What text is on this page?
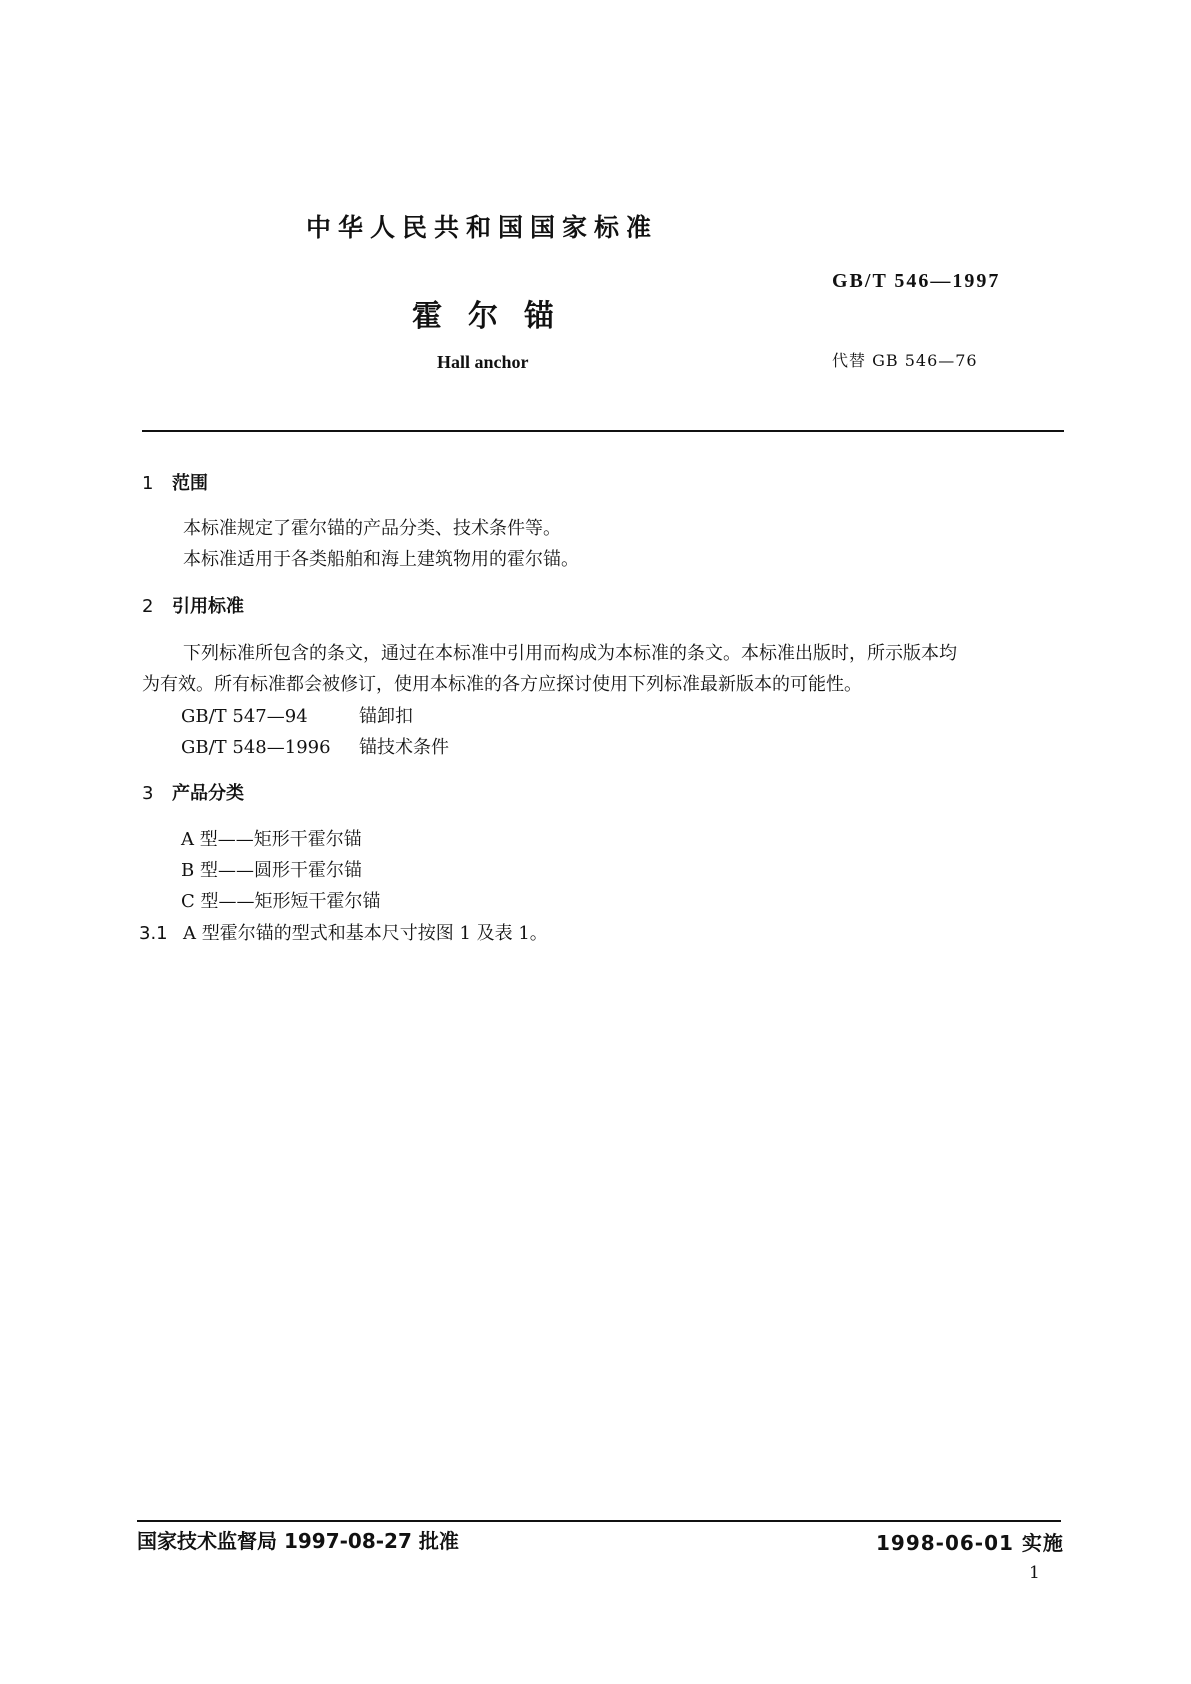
中华人民共和国国家标准
GB/T 546—1997
霍尔锚
Hall anchor	代替 GB 546—76
1 范围
本标准规定了霍尔锚的产品分类、技术条件等。
本标准适用于各类船舶和海上建筑物用的霍尔锚。
2 引用标准
下列标准所包含的条文，通过在本标准中引用而构成为本标准的条文。本标准出版时，所示版本均
为有效。所有标准都会被修订，使用本标准的各方应探讨使用下列标准最新版本的可能性。
GB/T 547—94	锚卸扣
GB/T 548—1996 锚技术条件
3 产品分类
A 型——矩形干霍尔锚
B 型——圆形干霍尔锚
C 型——矩形短干霍尔锚
3.1 A 型霍尔锚的型式和基本尺寸按图 1 及表 1。
国家技术监督局 1997-08-27 批准	1998-06-01 实施
1
